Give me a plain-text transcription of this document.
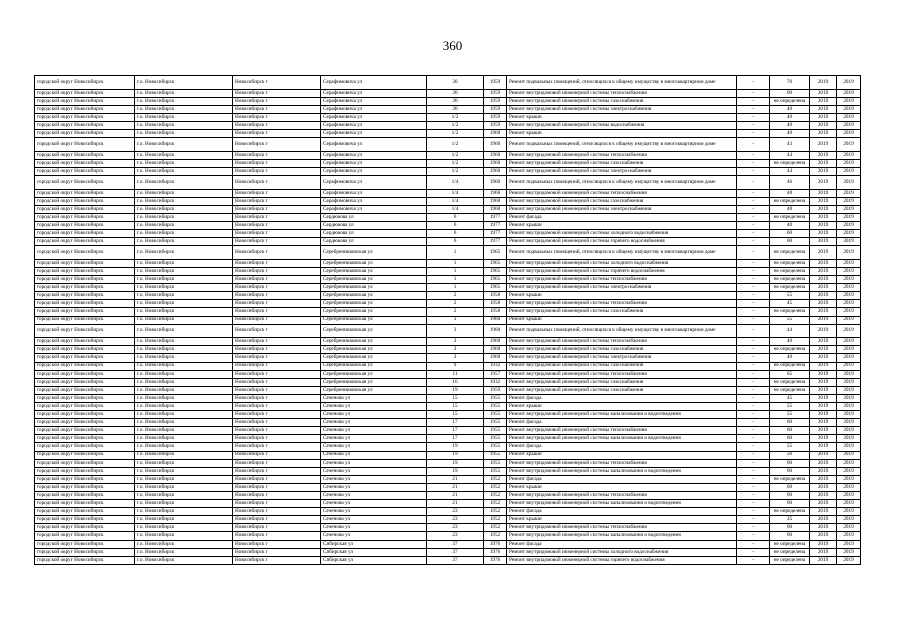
360
городской округ Новосибирск	г.о. Новосибирск	Новосибирск г	Серафимовича ул	30	1959	Ремонт подвальных помещений, относящихся к общему имуществу в многоквартирном доме	-	70	2019	2019
городской округ Новосибирск	г.о. Новосибирск	Новосибирск г	Серафимовича ул	30	1959	Ремонт внутридомовой инженерной системы теплоснабжения	-	60	2019	2019
городской округ Новосибирск	г.о. Новосибирск	Новосибирск г	Серафимовича ул	30	1959	Ремонт внутридомовой инженерной системы газоснабжения	-	не определена	2019	2019
городской округ Новосибирск	г.о. Новосибирск	Новосибирск г	Серафимовича ул	30	1959	Ремонт внутридомовой инженерной системы электроснабжения	-	40	2019	2019
городской округ Новосибирск	г.о. Новосибирск	Новосибирск г	Серафимовича ул	1/2	1959	Ремонт крыши	-	40	2019	2019
городской округ Новосибирск	г.о. Новосибирск	Новосибирск г	Серафимовича ул	1/2	1959	Ремонт внутридомовой инженерной системы водоснабжения	-	40	2019	2019
городской округ Новосибирск	г.о. Новосибирск	Новосибирск г	Серафимовича ул	1/2	1960	Ремонт крыши	-	40	2019	2019
городской округ Новосибирск	г.о. Новосибирск	Новосибирск г	Серафимовича ул	1/2	1960	Ремонт подвальных помещений, относящихся к общему имуществу в многоквартирном доме	-	43	2019	2019
городской округ Новосибирск	г.о. Новосибирск	Новосибирск г	Серафимовича ул	1/2	1960	Ремонт внутридомовой инженерной системы теплоснабжения	-	44	2019	2019
городской округ Новосибирск	г.о. Новосибирск	Новосибирск г	Серафимовича ул	1/2	1960	Ремонт внутридомовой инженерной системы газоснабжения	-	не определена	2019	2019
городской округ Новосибирск	г.о. Новосибирск	Новосибирск г	Серафимовича ул	1/2	1960	Ремонт внутридомовой инженерной системы электроснабжения	-	44	2019	2019
городской округ Новосибирск	г.о. Новосибирск	Новосибирск г	Серафимовича ул	1/4	1960	Ремонт подвальных помещений, относящихся к общему имуществу в многоквартирном доме	-	46	2019	2019
городской округ Новосибирск	г.о. Новосибирск	Новосибирск г	Серафимовича ул	1/4	1960	Ремонт внутридомовой инженерной системы теплоснабжения	-	48	2019	2019
городской округ Новосибирск	г.о. Новосибирск	Новосибирск г	Серафимовича ул	1/4	1960	Ремонт внутридомовой инженерной системы газоснабжения	-	не определена	2019	2019
городской округ Новосибирск	г.о. Новосибирск	Новосибирск г	Серафимовича ул	1/4	1960	Ремонт внутридомовой инженерной системы электроснабжения	-	48	2019	2019
городской округ Новосибирск	г.о. Новосибирск	Новосибирск г	Сердюкова ул	6	1977	Ремонт фасада	-	не определена	2019	2019
городской округ Новосибирск	г.о. Новосибирск	Новосибирск г	Сердюкова ул	6	1977	Ремонт крыши	-	40	2019	2019
городской округ Новосибирск	г.о. Новосибирск	Новосибирск г	Сердюкова ул	6	1977	Ремонт внутридомовой инженерной системы холодного водоснабжения	-	60	2019	2019
городской округ Новосибирск	г.о. Новосибирск	Новосибирск г	Сердюкова ул	6	1977	Ремонт внутридомовой инженерной системы горячего водоснабжения	-	60	2019	2019
городской округ Новосибирск	г.о. Новосибирск	Новосибирск г	Серебренниковская ул	1	1965	Ремонт подвальных помещений, относящихся к общему имуществу в многоквартирном доме	-	не определена	2019	2019
городской округ Новосибирск	г.о. Новосибирск	Новосибирск г	Серебренниковская ул	1	1965	Ремонт внутридомовой инженерной системы холодного водоснабжения	-	не определена	2019	2019
городской округ Новосибирск	г.о. Новосибирск	Новосибирск г	Серебренниковская ул	1	1965	Ремонт внутридомовой инженерной системы горячего водоснабжения	-	не определена	2019	2019
городской округ Новосибирск	г.о. Новосибирск	Новосибирск г	Серебренниковская ул	1	1965	Ремонт внутридомовой инженерной системы теплоснабжения	-	не определена	2019	2019
городской округ Новосибирск	г.о. Новосибирск	Новосибирск г	Серебренниковская ул	1	1965	Ремонт внутридомовой инженерной системы электроснабжения	-	не определена	2019	2019
городской округ Новосибирск	г.о. Новосибирск	Новосибирск г	Серебренниковская ул	2	1958	Ремонт крыши	-	55	2019	2019
городской округ Новосибирск	г.о. Новосибирск	Новосибирск г	Серебренниковская ул	2	1958	Ремонт внутридомовой инженерной системы теплоснабжения	-	45	2019	2019
городской округ Новосибирск	г.о. Новосибирск	Новосибирск г	Серебренниковская ул	2	1958	Ремонт внутридомовой инженерной системы газоснабжения	-	не определена	2019	2019
городской округ Новосибирск	г.о. Новосибирск	Новосибирск г	Серебренниковская ул	3	1960	Ремонт крыши	-	55	2019	2019
городской округ Новосибирск	г.о. Новосибирск	Новосибирск г	Серебренниковская ул	3	1960	Ремонт подвальных помещений, относящихся к общему имуществу в многоквартирном доме	-	44	2019	2019
городской округ Новосибирск	г.о. Новосибирск	Новосибирск г	Серебренниковская ул	3	1960	Ремонт внутридомовой инженерной системы теплоснабжения	-	40	2019	2019
городской округ Новосибирск	г.о. Новосибирск	Новосибирск г	Серебренниковская ул	3	1960	Ремонт внутридомовой инженерной системы газоснабжения	-	не определена	2019	2019
городской округ Новосибирск	г.о. Новосибирск	Новосибирск г	Серебренниковская ул	3	1960	Ремонт внутридомовой инженерной системы электроснабжения	-	40	2019	2019
городской округ Новосибирск	г.о. Новосибирск	Новосибирск г	Серебренниковская ул	9	1932	Ремонт внутридомовой инженерной системы газоснабжения	-	не определена	2019	2019
городской округ Новосибирск	г.о. Новосибирск	Новосибирск г	Серебренниковская ул	11	1957	Ремонт внутридомовой инженерной системы теплоснабжения	-	65	2019	2019
городской округ Новосибирск	г.о. Новосибирск	Новосибирск г	Серебренниковская ул	16	1932	Ремонт внутридомовой инженерной системы газоснабжения	-	не определена	2019	2019
городской округ Новосибирск	г.о. Новосибирск	Новосибирск г	Серебренниковская ул	19	1959	Ремонт внутридомовой инженерной системы газоснабжения	-	не определена	2019	2019
городской округ Новосибирск	г.о. Новосибирск	Новосибирск г	Сеченова ул	15	1955	Ремонт фасада	-	45	2019	2019
городской округ Новосибирск	г.о. Новосибирск	Новосибирск г	Сеченова ул	15	1955	Ремонт крыши	-	55	2019	2019
городской округ Новосибирск	г.о. Новосибирск	Новосибирск г	Сеченова ул	15	1955	Ремонт внутридомовой инженерной системы канализования и водоотведения	-	55	2019	2019
городской округ Новосибирск	г.о. Новосибирск	Новосибирск г	Сеченова ул	17	1955	Ремонт фасада	-	60	2019	2019
городской округ Новосибирск	г.о. Новосибирск	Новосибирск г	Сеченова ул	17	1955	Ремонт внутридомовой инженерной системы теплоснабжения	-	60	2019	2019
городской округ Новосибирск	г.о. Новосибирск	Новосибирск г	Сеченова ул	17	1955	Ремонт внутридомовой инженерной системы канализования и водоотведения	-	60	2019	2019
городской округ Новосибирск	г.о. Новосибирск	Новосибирск г	Сеченова ул	19	1955	Ремонт фасада	-	55	2019	2019
городской округ Новосибирск	г.о. Новосибирск	Новосибирск г	Сеченова ул	19	1955	Ремонт крыши	-	50	2019	2019
городской округ Новосибирск	г.о. Новосибирск	Новосибирск г	Сеченова ул	19	1955	Ремонт внутридомовой инженерной системы теплоснабжения	-	60	2019	2019
городской округ Новосибирск	г.о. Новосибирск	Новосибирск г	Сеченова ул	19	1955	Ремонт внутридомовой инженерной системы канализования и водоотведения	-	60	2019	2019
городской округ Новосибирск	г.о. Новосибирск	Новосибирск г	Сеченова ул	21	1952	Ремонт фасада	-	не определена	2019	2019
городской округ Новосибирск	г.о. Новосибирск	Новосибирск г	Сеченова ул	21	1952	Ремонт крыши	-	60	2019	2019
городской округ Новосибирск	г.о. Новосибирск	Новосибирск г	Сеченова ул	21	1952	Ремонт внутридомовой инженерной системы теплоснабжения	-	60	2019	2019
городской округ Новосибирск	г.о. Новосибирск	Новосибирск г	Сеченова ул	21	1952	Ремонт внутридомовой инженерной системы канализования и водоотведения	-	60	2019	2019
городской округ Новосибирск	г.о. Новосибирск	Новосибирск г	Сеченова ул	23	1952	Ремонт фасада	-	не определена	2019	2019
городской округ Новосибирск	г.о. Новосибирск	Новосибирск г	Сеченова ул	23	1952	Ремонт крыши	-	35	2019	2019
городской округ Новосибирск	г.о. Новосибирск	Новосибирск г	Сеченова ул	23	1952	Ремонт внутридомовой инженерной системы теплоснабжения	-	60	2019	2019
городской округ Новосибирск	г.о. Новосибирск	Новосибирск г	Сеченова ул	23	1952	Ремонт внутридомовой инженерной системы канализования и водоотведения	-	60	2019	2019
городской округ Новосибирск	г.о. Новосибирск	Новосибирск г	Сибирская ул	37	1976	Ремонт фасада	-	не определена	2019	2019
городской округ Новосибирск	г.о. Новосибирск	Новосибирск г	Сибирская ул	37	1976	Ремонт внутридомовой инженерной системы холодного водоснабжения	-	не определена	2019	2019
городской округ Новосибирск	г.о. Новосибирск	Новосибирск г	Сибирская ул	37	1976	Ремонт внутридомовой инженерной системы горячего водоснабжения	-	не определена	2019	2019
